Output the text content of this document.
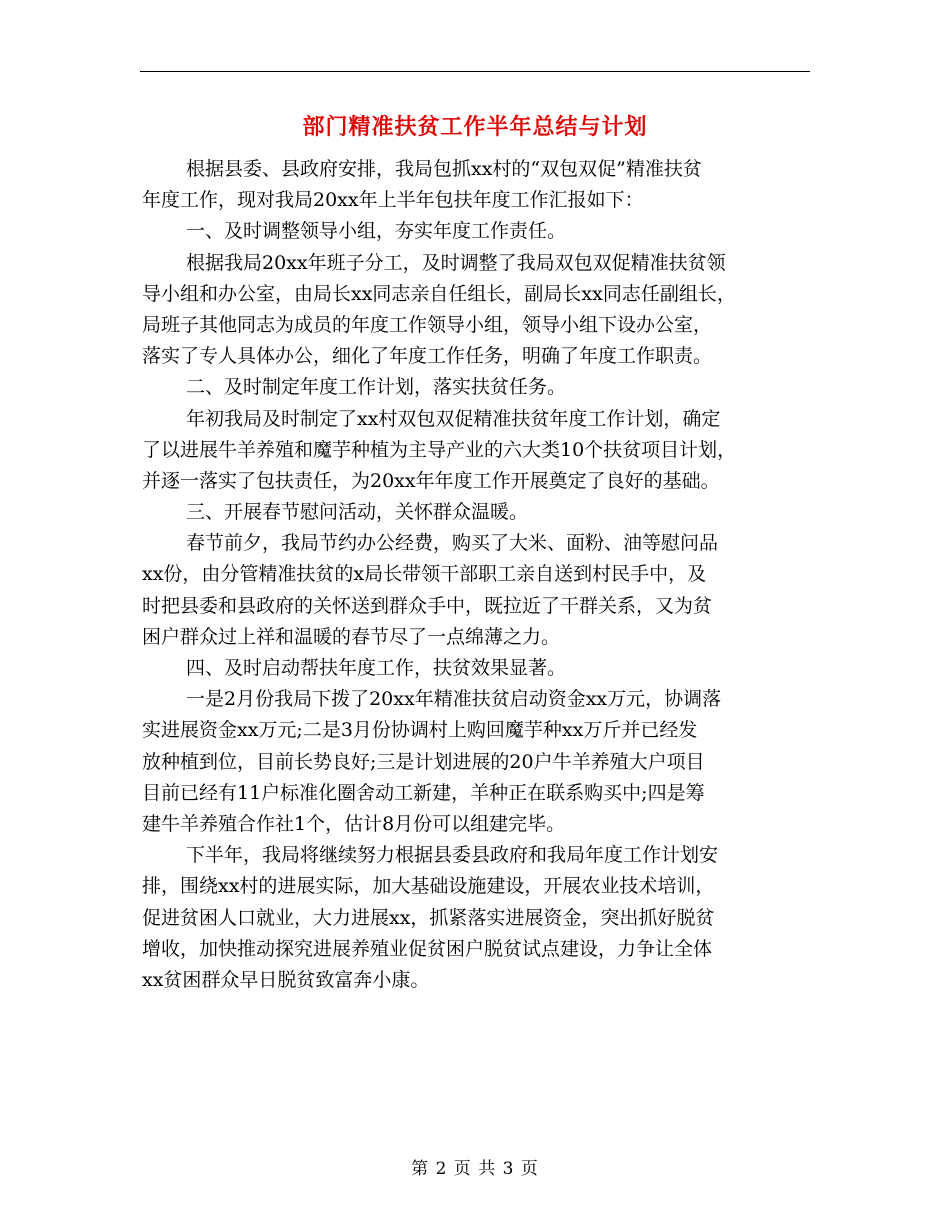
部门精准扶贫工作半年总结与计划
根据县委、县政府安排，我局包抓xx村的“双包双促”精准扶贫
年度工作，现对我局20xx年上半年包扶年度工作汇报如下：
一、及时调整领导小组，夯实年度工作责任。
根据我局20xx年班子分工，及时调整了我局双包双促精准扶贫领
导小组和办公室，由局长xx同志亲自任组长，副局长xx同志任副组长，
局班子其他同志为成员的年度工作领导小组，领导小组下设办公室，
落实了专人具体办公，细化了年度工作任务，明确了年度工作职责。
二、及时制定年度工作计划，落实扶贫任务。
年初我局及时制定了xx村双包双促精准扶贫年度工作计划，确定
了以进展牛羊养殖和魔芋种植为主导产业的六大类10个扶贫项目计划，
并逐一落实了包扶责任，为20xx年年度工作开展奠定了良好的基础。
三、开展春节慰问活动，关怀群众温暖。
春节前夕，我局节约办公经费，购买了大米、面粉、油等慰问品
xx份，由分管精准扶贫的x局长带领干部职工亲自送到村民手中，及
时把县委和县政府的关怀送到群众手中，既拉近了干群关系，又为贫
困户群众过上祥和温暖的春节尽了一点绵薄之力。
四、及时启动帮扶年度工作，扶贫效果显著。
一是2月份我局下拨了20xx年精准扶贫启动资金xx万元，协调落
实进展资金xx万元;二是3月份协调村上购回魔芋种xx万斤并已经发
放种植到位，目前长势良好;三是计划进展的20户牛羊养殖大户项目
目前已经有11户标准化圈舍动工新建，羊种正在联系购买中;四是筹
建牛羊养殖合作社1个，估计8月份可以组建完毕。
下半年，我局将继续努力根据县委县政府和我局年度工作计划安
排，围绕xx村的进展实际，加大基础设施建设，开展农业技术培训，
促进贫困人口就业，大力进展xx，抓紧落实进展资金，突出抓好脱贫
增收，加快推动探究进展养殖业促贫困户脱贫试点建设，力争让全体
xx贫困群众早日脱贫致富奔小康。
第 2 页 共 3 页
